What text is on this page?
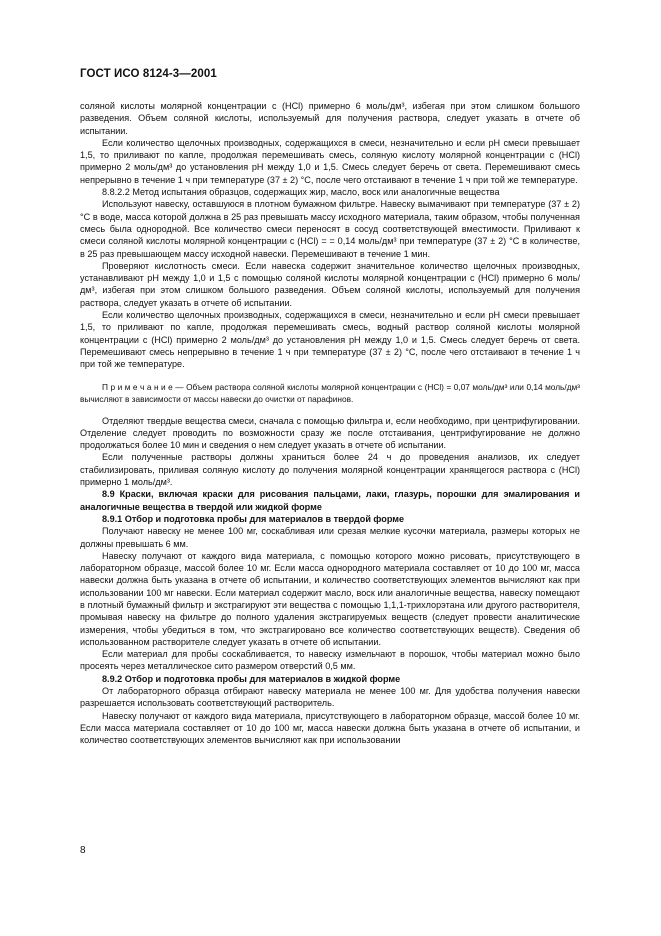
ГОСТ ИСО 8124-3—2001

соляной кислоты молярной концентрации с (HCl) примерно 6 моль/дм³, избегая при этом слишком большого разведения. Объем соляной кислоты, используемый для получения раствора, следует указать в отчете об испытании.

Если количество щелочных производных, содержащихся в смеси, незначительно и если pH смеси превышает 1,5, то приливают по капле, продолжая перемешивать смесь, соляную кислоту молярной концентрации с (HCl) примерно 2 моль/дм³ до установления pH между 1,0 и 1,5. Смесь следует беречь от света. Перемешивают смесь непрерывно в течение 1 ч при температуре (37 ± 2) °C, после чего отстаивают в течение 1 ч при той же температуре.

8.8.2.2 Метод испытания образцов, содержащих жир, масло, воск или аналогичные вещества

Используют навеску, оставшуюся в плотном бумажном фильтре. Навеску вымачивают при температуре (37 ± 2) °C в воде, масса которой должна в 25 раз превышать массу исходного материала, таким образом, чтобы полученная смесь была однородной. Все количество смеси переносят в сосуд соответствующей вместимости. Приливают к смеси соляной кислоты молярной концентрации с (HCl) = = 0,14 моль/дм³ при температуре (37 ± 2) °C в количестве, в 25 раз превышающем массу исходной навески. Перемешивают в течение 1 мин.

Проверяют кислотность смеси. Если навеска содержит значительное количество щелочных производных, устанавливают pH между 1,0 и 1,5 с помощью соляной кислоты молярной концентрации с (HCl) примерно 6 моль/дм³, избегая при этом слишком большого разведения. Объем соляной кислоты, используемый для получения раствора, следует указать в отчете об испытании.

Если количество щелочных производных, содержащихся в смеси, незначительно и если pH смеси превышает 1,5, то приливают по капле, продолжая перемешивать смесь, водный раствор соляной кислоты молярной концентрации с (HCl) примерно 2 моль/дм³ до установления pH между 1,0 и 1,5. Смесь следует беречь от света. Перемешивают смесь непрерывно в течение 1 ч при температуре (37 ± 2) °C, после чего отстаивают в течение 1 ч при той же температуре.

П р и м е ч а н и е — Объем раствора соляной кислоты молярной концентрации с (HCl) = 0,07 моль/дм³ или 0,14 моль/дм³ вычисляют в зависимости от массы навески до очистки от парафинов.

Отделяют твердые вещества смеси, сначала с помощью фильтра и, если необходимо, при центрифугировании. Отделение следует проводить по возможности сразу же после отстаивания, центрифугирование не должно продолжаться более 10 мин и сведения о нем следует указать в отчете об испытании.

Если полученные растворы должны храниться более 24 ч до проведения анализов, их следует стабилизировать, приливая соляную кислоту до получения молярной концентрации хранящегося раствора с (HCl) примерно 1 моль/дм³.

8.9 Краски, включая краски для рисования пальцами, лаки, глазурь, порошки для эмалирования и аналогичные вещества в твердой или жидкой форме

8.9.1 Отбор и подготовка пробы для материалов в твердой форме

Получают навеску не менее 100 мг, соскабливая или срезая мелкие кусочки материала, размеры которых не должны превышать 6 мм.

Навеску получают от каждого вида материала, с помощью которого можно рисовать, присутствующего в лабораторном образце, массой более 10 мг. Если масса однородного материала составляет от 10 до 100 мг, масса навески должна быть указана в отчете об испытании, и количество соответствующих элементов вычисляют как при использовании 100 мг навески. Если материал содержит масло, воск или аналогичные вещества, навеску помещают в плотный бумажный фильтр и экстрагируют эти вещества с помощью 1,1,1-трихлорэтана или другого растворителя, промывая навеску на фильтре до полного удаления экстрагируемых веществ (следует провести аналитические измерения, чтобы убедиться в том, что экстрагировано все количество соответствующих веществ). Сведения об использованном растворителе следует указать в отчете об испытании.

Если материал для пробы соскабливается, то навеску измельчают в порошок, чтобы материал можно было просеять через металлическое сито размером отверстий 0,5 мм.

8.9.2 Отбор и подготовка пробы для материалов в жидкой форме

От лабораторного образца отбирают навеску материала не менее 100 мг. Для удобства получения навески разрешается использовать соответствующий растворитель.

Навеску получают от каждого вида материала, присутствующего в лабораторном образце, массой более 10 мг. Если масса материала составляет от 10 до 100 мг, масса навески должна быть указана в отчете об испытании, и количество соответствующих элементов вычисляют как при использовании

8
